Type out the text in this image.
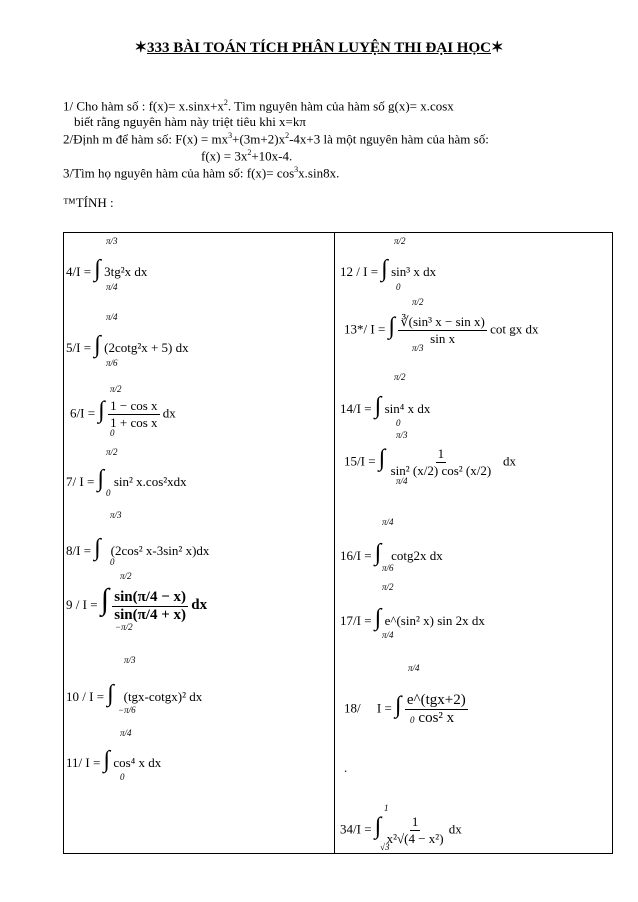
✶333 BÀI TOÁN TÍCH PHÂN LUYỆN THI ĐẠI HỌC✶
1/ Cho hàm số : $f(x)= x.\sin x+x^2$. Tìm nguyên hàm của hàm số g(x)= x.cosx
biết rằng nguyên hàm này triệt tiêu khi x=kπ
2/Định m để hàm số: $F(x) = mx^3+(3m+2)x^2-4x+3$ là một nguyên hàm của hàm số:
$f(x) = 3x^2+10x-4$.
3/Tìm họ nguyên hàm của hàm số: $f(x)= \cos^3x.\sin 8x$.
™TÍNH :
4/I = ∫ 3tg²x dx
π/3
π/4
5/I = ∫ (2cotg²x + 5) dx
π/4
π/6
6/I = ∫ $\frac{\text{1 − cos x}}{\text{1 + cos x}}$ dx
π/2
0
7/ I = ∫ sin² x.cos²xdx
π/2
0
8/I = ∫ (2cos² x-3sin² x)dx
π/3
0
9 / I = ∫ $\frac{\sin(\pi/4 - x)}{\sin(\pi/4 + x)}$ dx
π/2
−π/2
10 / I = ∫ (tgx-cotgx)² dx
π/3
−π/6
11/ I = ∫ cos⁴ x dx
π/4
0
12 / I = ∫ sin³ x dx
π/2
0
13*/ I = ∫ $\frac{\text{∛(sin³ x − sin x)}}{\text{sin x}}$ cot gx dx
π/2
π/3
14/I = ∫ sin⁴ x dx
π/2
0
15/I = ∫ $\frac{1}{\text{sin² (x/2) cos² (x/2)}}$ dx
π/3
π/4
16/I = ∫ cotg2x dx
π/4
π/6
17/I = ∫ e^(sin² x) sin 2x dx
π/2
π/4
18/ I = ∫ $\frac{\text{e\textasciicircum{}(tgx+2)}}{\text{cos² x}}$
π/4
0
.
34/I = ∫ $\frac{1}{\text{x²√(4 − x²)}}$ dx
1
√3
